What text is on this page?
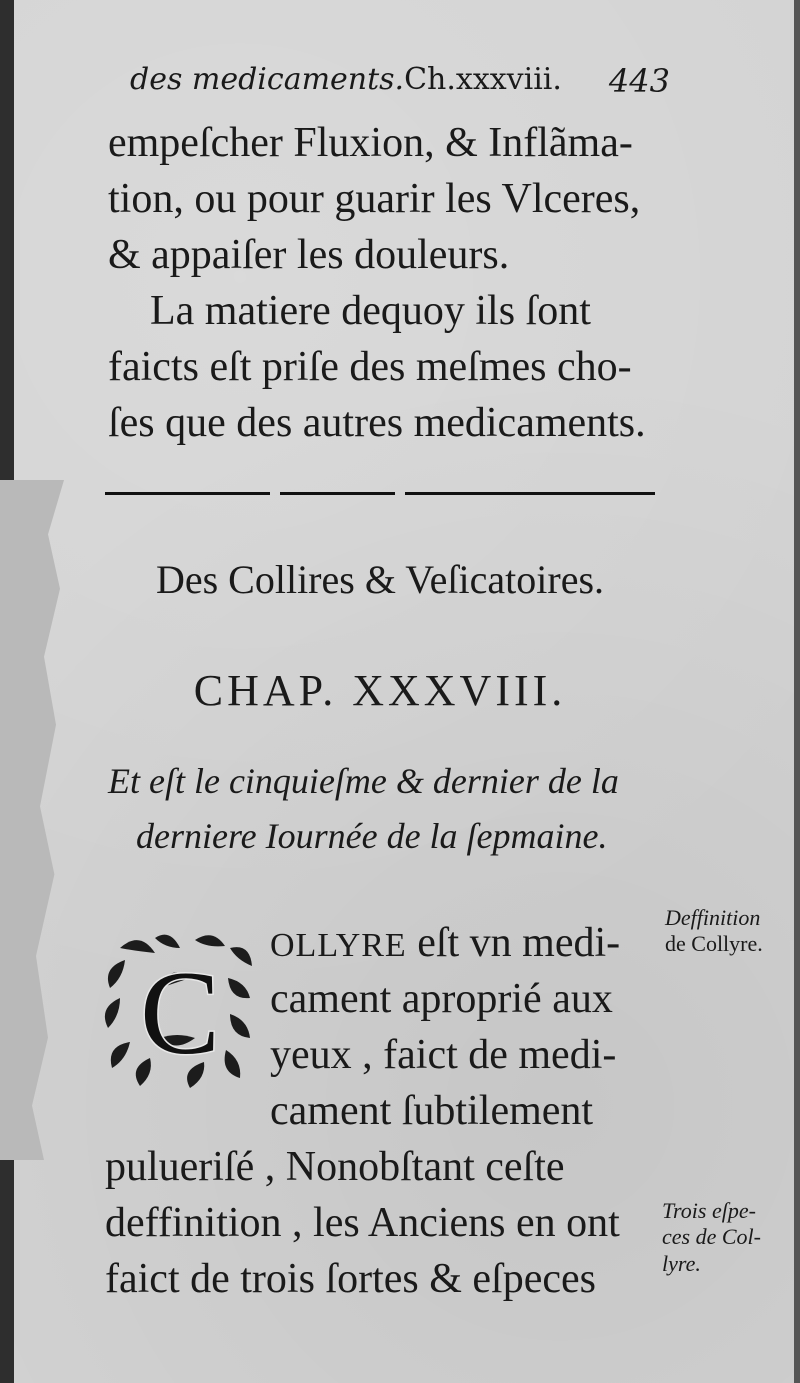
des medicaments.Ch.xxxviii. 443
empeſcher Fluxion, & Inflãma-
tion, ou pour guarir les Vlceres,
& appaiſer les douleurs.
La matiere dequoy ils ſont
faicts eſt priſe des meſmes cho-
ſes que des autres medicaments.
Des Collires & Veſicatoires.
CHAP. XXXVIII.
Et eſt le cinquieſme & dernier de la
derniere Iournée de la ſepmaine.
C
OLLYRE eſt vn medi-
cament aproprié aux
yeux , faict de medi-
cament ſubtilement
pulueriſé , Nonobſtant ceſte
deffinition , les Anciens en ont
faict de trois ſortes & eſpeces
Deffinition
de Collyre.
Trois eſpe-
ces de Col-
lyre.
